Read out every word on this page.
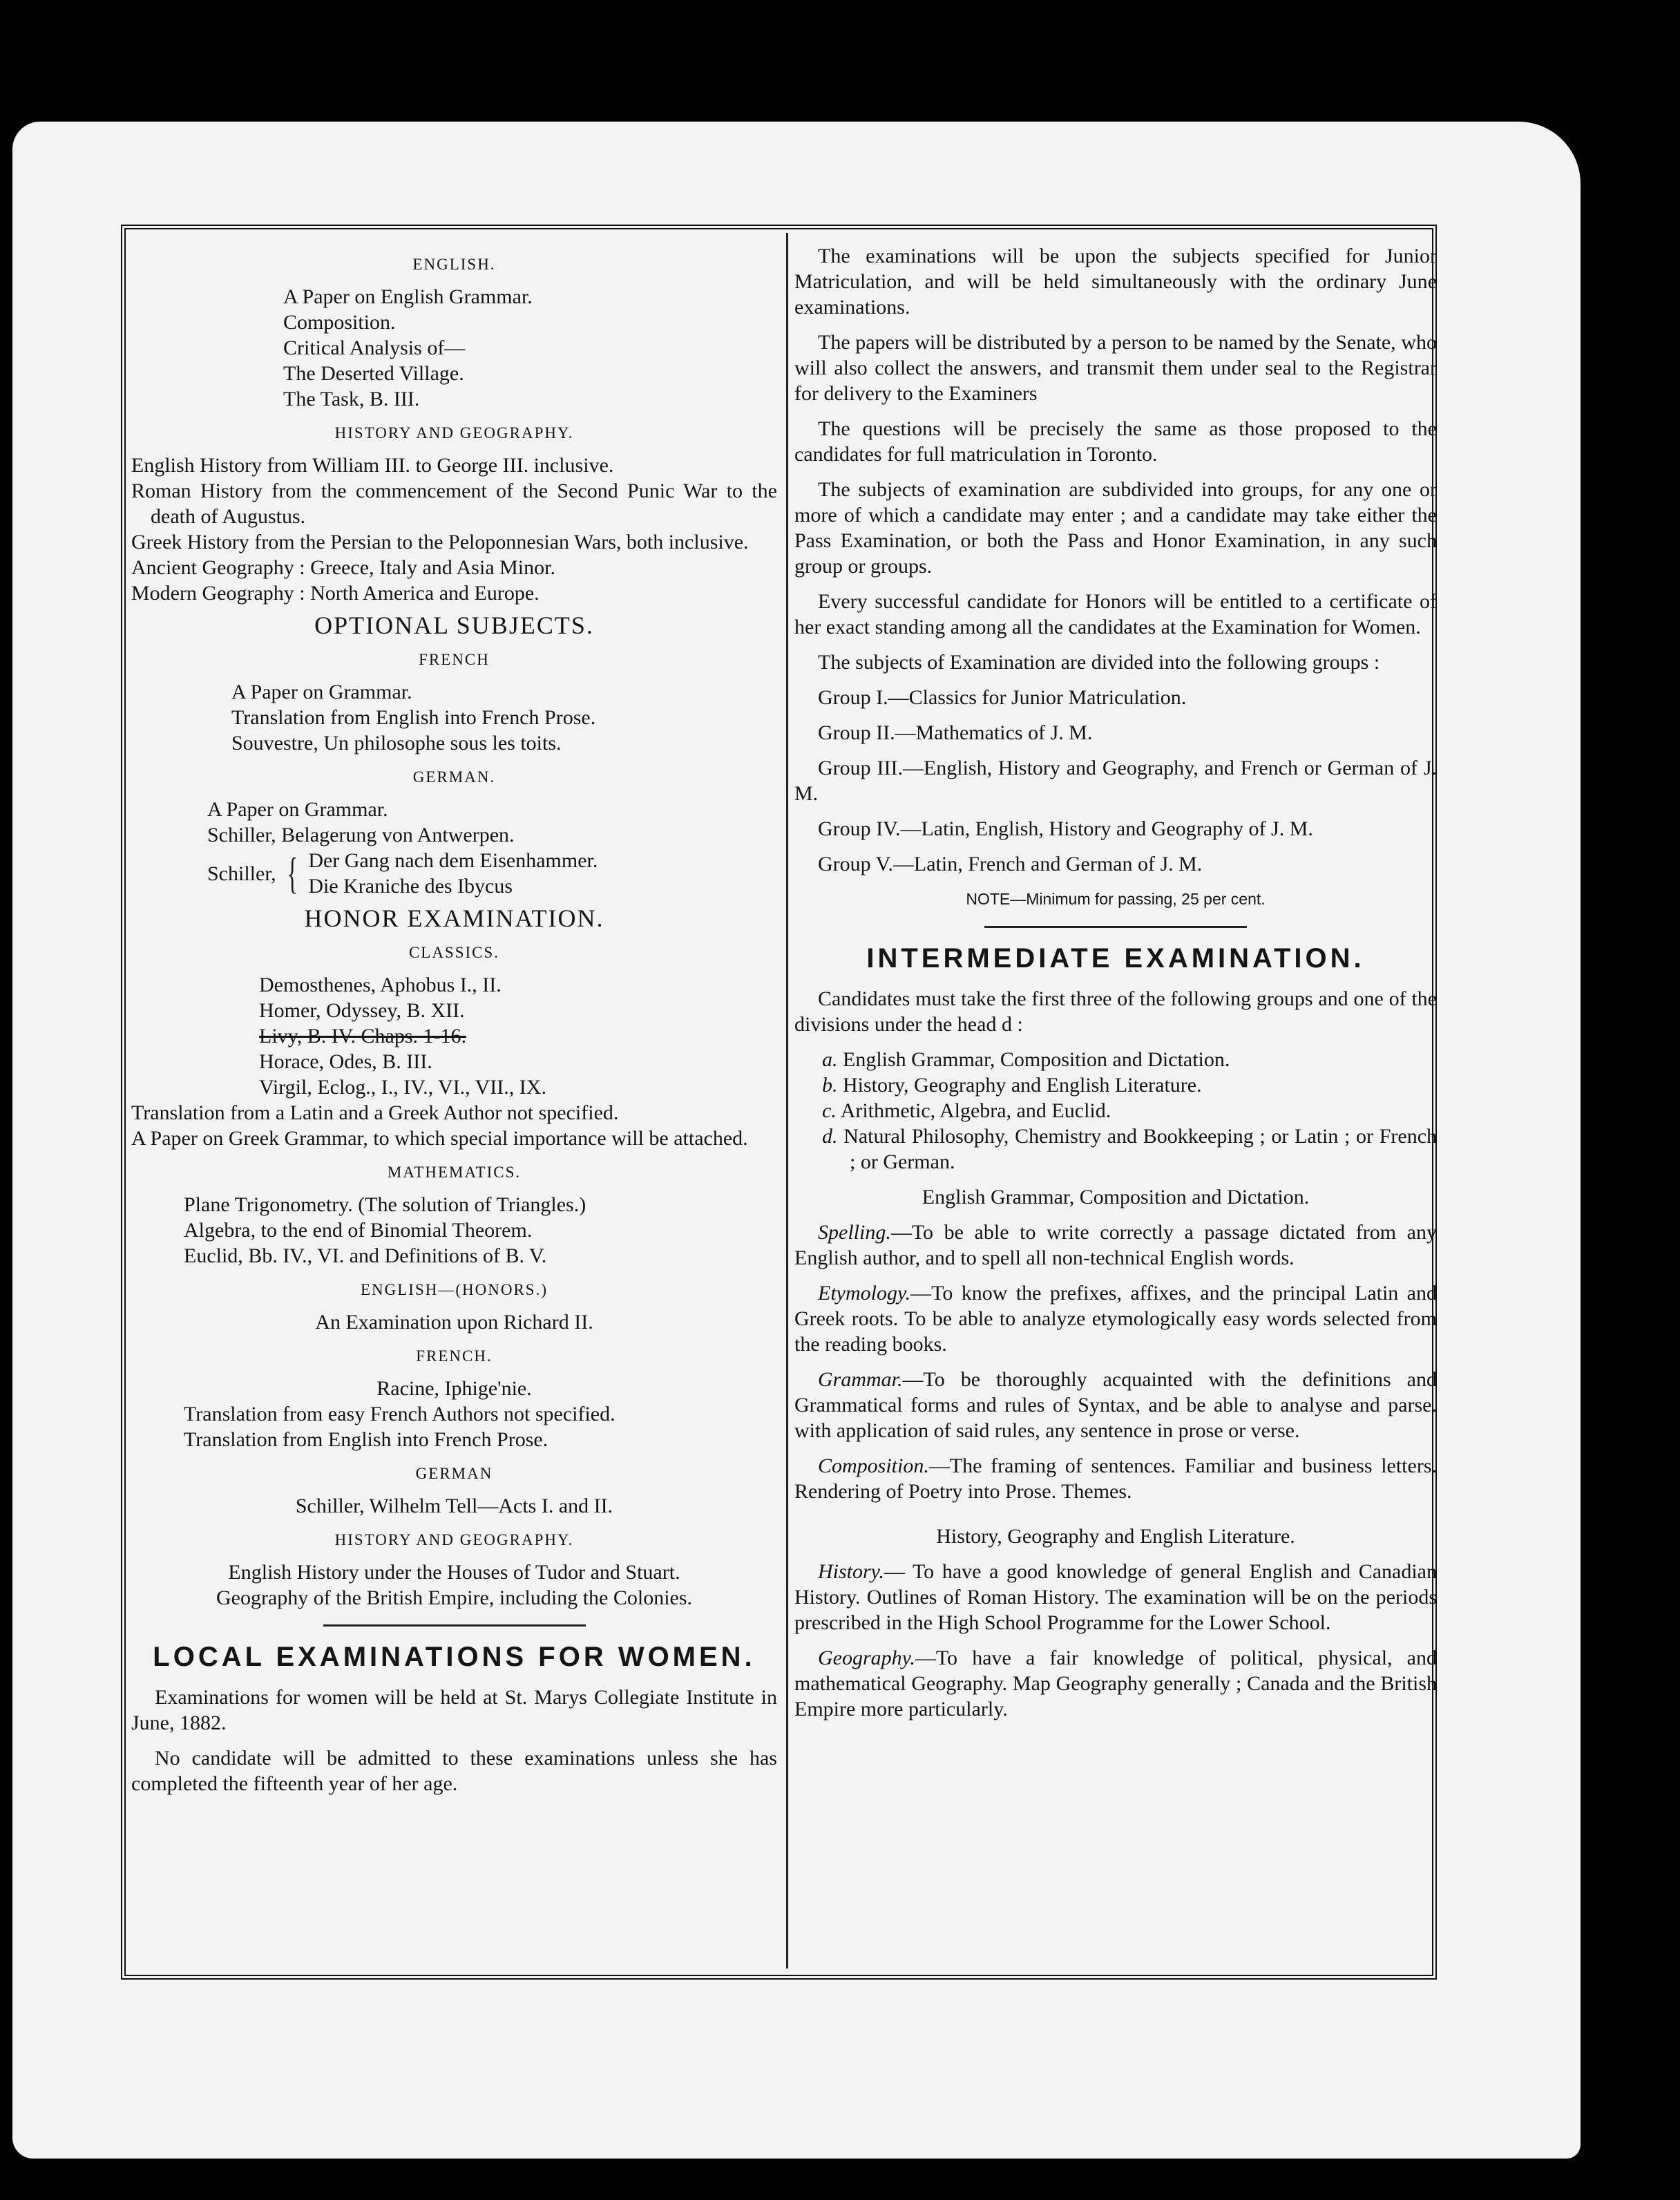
ENGLISH.

A Paper on English Grammar.

Composition.

Critical Analysis of—

The Deserted Village.

The Task, B. III.

HISTORY AND GEOGRAPHY.

English History from William III. to George III. inclusive.

Roman History from the commencement of the Second Punic War to the death of Augustus.

Greek History from the Persian to the Peloponnesian Wars, both inclusive.

Ancient Geography : Greece, Italy and Asia Minor.

Modern Geography : North America and Europe.

OPTIONAL SUBJECTS.

FRENCH

A Paper on Grammar.

Translation from English into French Prose.

Souvestre, Un philosophe sous les toits.

GERMAN.

A Paper on Grammar.

Schiller, Belagerung von Antwerpen.

Schiller, { Der Gang nach dem Eisenhammer.
Die Kraniche des Ibycus

HONOR EXAMINATION.

CLASSICS.

Demosthenes, Aphobus I., II.

Homer, Odyssey, B. XII.

Livy, B. IV. Chaps. 1-16.

Horace, Odes, B. III.

Virgil, Eclog., I., IV., VI., VII., IX.

Translation from a Latin and a Greek Author not specified.

A Paper on Greek Grammar, to which special importance will be attached.

MATHEMATICS.

Plane Trigonometry. (The solution of Triangles.)

Algebra, to the end of Binomial Theorem.

Euclid, Bb. IV., VI. and Definitions of B. V.

ENGLISH—(HONORS.)

An Examination upon Richard II.

FRENCH.

Racine, Iphige'nie.

Translation from easy French Authors not specified.

Translation from English into French Prose.

GERMAN

Schiller, Wilhelm Tell—Acts I. and II.

HISTORY AND GEOGRAPHY.

English History under the Houses of Tudor and Stuart.

Geography of the British Empire, including the Colonies.

LOCAL EXAMINATIONS FOR WOMEN.

Examinations for women will be held at St. Marys Collegiate Institute in June, 1882.

No candidate will be admitted to these examinations unless she has completed the fifteenth year of her age.

The examinations will be upon the subjects specified for Junior Matriculation, and will be held simultaneously with the ordinary June examinations.

The papers will be distributed by a person to be named by the Senate, who will also collect the answers, and transmit them under seal to the Registrar for delivery to the Examiners

The questions will be precisely the same as those proposed to the candidates for full matriculation in Toronto.

The subjects of examination are subdivided into groups, for any one or more of which a candidate may enter ; and a candidate may take either the Pass Examination, or both the Pass and Honor Examination, in any such group or groups.

Every successful candidate for Honors will be entitled to a certificate of her exact standing among all the candidates at the Examination for Women.

The subjects of Examination are divided into the following groups :

Group I.—Classics for Junior Matriculation.

Group II.—Mathematics of J. M.

Group III.—English, History and Geography, and French or German of J. M.

Group IV.—Latin, English, History and Geography of J. M.

Group V.—Latin, French and German of J. M.

NOTE—Minimum for passing, 25 per cent.

INTERMEDIATE EXAMINATION.

Candidates must take the first three of the following groups and one of the divisions under the head d :

a. English Grammar, Composition and Dictation.

b. History, Geography and English Literature.

c. Arithmetic, Algebra, and Euclid.

d. Natural Philosophy, Chemistry and Bookkeeping ; or Latin ; or French ; or German.

English Grammar, Composition and Dictation.

Spelling.—To be able to write correctly a passage dictated from any English author, and to spell all non-technical English words.

Etymology.—To know the prefixes, affixes, and the principal Latin and Greek roots. To be able to analyze etymologically easy words selected from the reading books.

Grammar.—To be thoroughly acquainted with the definitions and Grammatical forms and rules of Syntax, and be able to analyse and parse. with application of said rules, any sentence in prose or verse.

Composition.—The framing of sentences. Familiar and business letters. Rendering of Poetry into Prose. Themes.

History, Geography and English Literature.

History.— To have a good knowledge of general English and Canadian History. Outlines of Roman History. The examination will be on the periods prescribed in the High School Programme for the Lower School.

Geography.—To have a fair knowledge of political, physical, and mathematical Geography. Map Geography generally ; Canada and the British Empire more particularly.
